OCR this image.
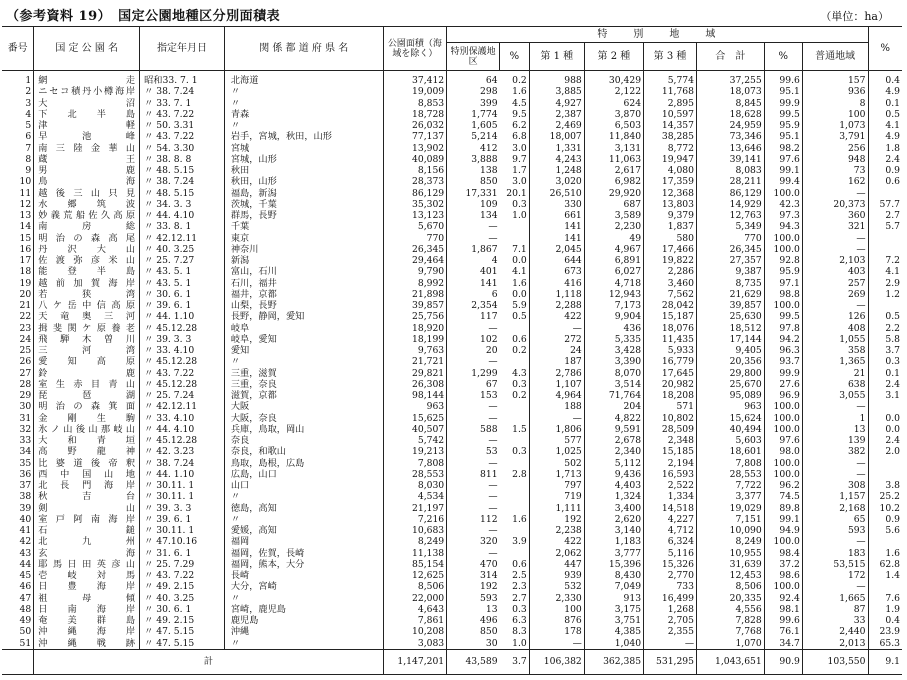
（参考資料 19）　国定公園地種区分別面積表	（単位：ha）
番号	国 定 公 園 名	指定年月日	関 係 都 道 府 県 名	公園面積（海域を除く）	特　　別　　地　　域								%
					特別保護地区	%	第 1 種	第 2 種	第 3 種	合　計	%	普通地域	
1	網走	昭和33. 7. 1	北海道	37,412	64	0.2	988	30,429	5,774	37,255	99.6	157	0.4
2	ニセコ積丹小樽海岸	〃 38. 7.24	〃	19,009	298	1.6	3,885	2,122	11,768	18,073	95.1	936	4.9
3	大沼	〃 33. 7. 1	〃	8,853	399	4.5	4,927	624	2,895	8,845	99.9	8	0.1
4	下北半島	〃 43. 7.22	青森	18,728	1,774	9.5	2,387	3,870	10,597	18,628	99.5	100	0.5
5	津軽	〃 50. 3.31	〃	26,032	1,605	6.2	2,469	6,503	14,357	24,959	95.9	1,073	4.1
6	早池峰	〃 43. 7.22	岩手，宮城，秋田，山形	77,137	5,214	6.8	18,007	11,840	38,285	73,346	95.1	3,791	4.9
7	南三陸金華山	〃 54. 3.30	宮城	13,902	412	3.0	1,331	3,131	8,772	13,646	98.2	256	1.8
8	蔵王	〃 38. 8. 8	宮城，山形	40,089	3,888	9.7	4,243	11,063	19,947	39,141	97.6	948	2.4
9	男鹿	〃 48. 5.15	秋田	8,156	138	1.7	1,248	2,617	4,080	8,083	99.1	73	0.9
10	鳥海	〃 38. 7.24	秋田，山形	28,373	850	3.0	3,020	6,982	17,359	28,211	99.4	162	0.6
11	越後三山只見	〃 48. 5.15	福島，新潟	86,129	17,331	20.1	26,510	29,920	12,368	86,129	100.0	—	
12	水郷筑波	〃 34. 3. 3	茨城，千葉	35,302	109	0.3	330	687	13,803	14,929	42.3	20,373	57.7
13	妙義荒船佐久高原	〃 44. 4.10	群馬，長野	13,123	134	1.0	661	3,589	9,379	12,763	97.3	360	2.7
14	南房総	〃 33. 8. 1	千葉	5,670	—		141	2,230	1,837	5,349	94.3	321	5.7
15	明治の森高尾	〃 42.12.11	東京	770	—		141	49	580	770	100.0	—	
16	丹沢大山	〃 40. 3.25	神奈川	26,345	1,867	7.1	2,045	4,967	17,466	26,345	100.0	—	
17	佐渡弥彦米山	〃 25. 7.27	新潟	29,464	4	0.0	644	6,891	19,822	27,357	92.8	2,103	7.2
18	能登半島	〃 43. 5. 1	富山，石川	9,790	401	4.1	673	6,027	2,286	9,387	95.9	403	4.1
19	越前加賀海岸	〃 43. 5. 1	石川，福井	8,992	141	1.6	416	4,718	3,460	8,735	97.1	257	2.9
20	若狭湾	〃 30. 6. 1	福井，京都	21,898	6	0.0	1,118	12,943	7,562	21,629	98.8	269	1.2
21	八ケ岳中信高原	〃 39. 6. 1	山梨，長野	39,857	2,354	5.9	2,288	7,173	28,042	39,857	100.0	—	
22	天竜奥三河	〃 44. 1.10	長野，静岡，愛知	25,756	117	0.5	422	9,904	15,187	25,630	99.5	126	0.5
23	揖斐関ケ原養老	〃 45.12.28	岐阜	18,920	—		—	436	18,076	18,512	97.8	408	2.2
24	飛騨木曽川	〃 39. 3. 3	岐阜，愛知	18,199	102	0.6	272	5,335	11,435	17,144	94.2	1,055	5.8
25	三河湾	〃 33. 4.10	愛知	9,763	20	0.2	24	3,428	5,933	9,405	96.3	358	3.7
26	愛知高原	〃 45.12.28	〃	21,721	—		187	3,390	16,779	20,356	93.7	1,365	0.3
27	鈴鹿	〃 43. 7.22	三重，滋賀	29,821	1,299	4.3	2,786	8,070	17,645	29,800	99.9	21	0.1
28	室生赤目青山	〃 45.12.28	三重，奈良	26,308	67	0.3	1,107	3,514	20,982	25,670	27.6	638	2.4
29	琵琶湖	〃 25. 7.24	滋賀，京都	98,144	153	0.2	4,964	71,764	18,208	95,089	96.9	3,055	3.1
30	明治の森箕面	〃 42.12.11	大阪	963	—		188	204	571	963	100.0	—	
31	金剛生駒	〃 33. 4.10	大阪，奈良	15,625	—		—	4,822	10,802	15,624	100.0	1	0.0
32	氷ノ山後山那岐山	〃 44. 4.10	兵庫，鳥取，岡山	40,507	588	1.5	1,806	9,591	28,509	40,494	100.0	13	0.0
33	大和青垣	〃 45.12.28	奈良	5,742	—		577	2,678	2,348	5,603	97.6	139	2.4
34	高野龍神	〃 42. 3.23	奈良，和歌山	19,213	53	0.3	1,025	2,340	15,185	18,601	98.0	382	2.0
35	比婆道後帝釈	〃 38. 7.24	鳥取，島根，広島	7,808	—		502	5,112	2,194	7,808	100.0	—	
36	西中国山地	〃 44. 1.10	広島，山口	28,553	811	2.8	1,713	9,436	16,593	28,553	100.0	—	
37	北長門海岸	〃 30.11. 1	山口	8,030	—		797	4,403	2,522	7,722	96.2	308	3.8
38	秋吉台	〃 30.11. 1	〃	4,534	—		719	1,324	1,334	3,377	74.5	1,157	25.2
39	剣山	〃 39. 3. 3	徳島，高知	21,197	—		1,111	3,400	14,518	19,029	89.8	2,168	10.2
40	室戸阿南海岸	〃 39. 6. 1	〃	7,216	112	1.6	192	2,620	4,227	7,151	99.1	65	0.9
41	石鎚	〃 30.11. 1	愛媛，高知	10,683	—		2,238	3,140	4,712	10,090	94.9	593	5.6
42	北九州	〃 47.10.16	福岡	8,249	320	3.9	422	1,183	6,324	8,249	100.0	—	
43	玄海	〃 31. 6. 1	福岡，佐賀，長崎	11,138	—		2,062	3,777	5,116	10,955	98.4	183	1.6
44	耶馬日田英彦山	〃 25. 7.29	福岡，熊本，大分	85,154	470	0.6	447	15,396	15,326	31,639	37.2	53,515	62.8
45	壱岐対馬	〃 43. 7.22	長崎	12,625	314	2.5	939	8,430	2,770	12,453	98.6	172	1.4
46	日豊海岸	〃 49. 2.15	大分，宮崎	8,506	192	2.3	532	7,049	733	8,506	100.0	—	
47	祖母傾	〃 40. 3.25	〃	22,000	593	2.7	2,330	913	16,499	20,335	92.4	1,665	7.6
48	日南海岸	〃 30. 6. 1	宮崎，鹿児島	4,643	13	0.3	100	3,175	1,268	4,556	98.1	87	1.9
49	奄美群島	〃 49. 2.15	鹿児島	7,861	496	6.3	876	3,751	2,705	7,828	99.6	33	0.4
50	沖縄海岸	〃 47. 5.15	沖縄	10,208	850	8.3	178	4,385	2,355	7,768	76.1	2,440	23.9
51	沖縄戦跡	〃 47. 5.15	〃	3,083	30	1.0	—	1,040	—	1,070	34.7	2,013	65.3
	計			1,147,201	43,589	3.7	106,382	362,385	531,295	1,043,651	90.9	103,550	9.1
